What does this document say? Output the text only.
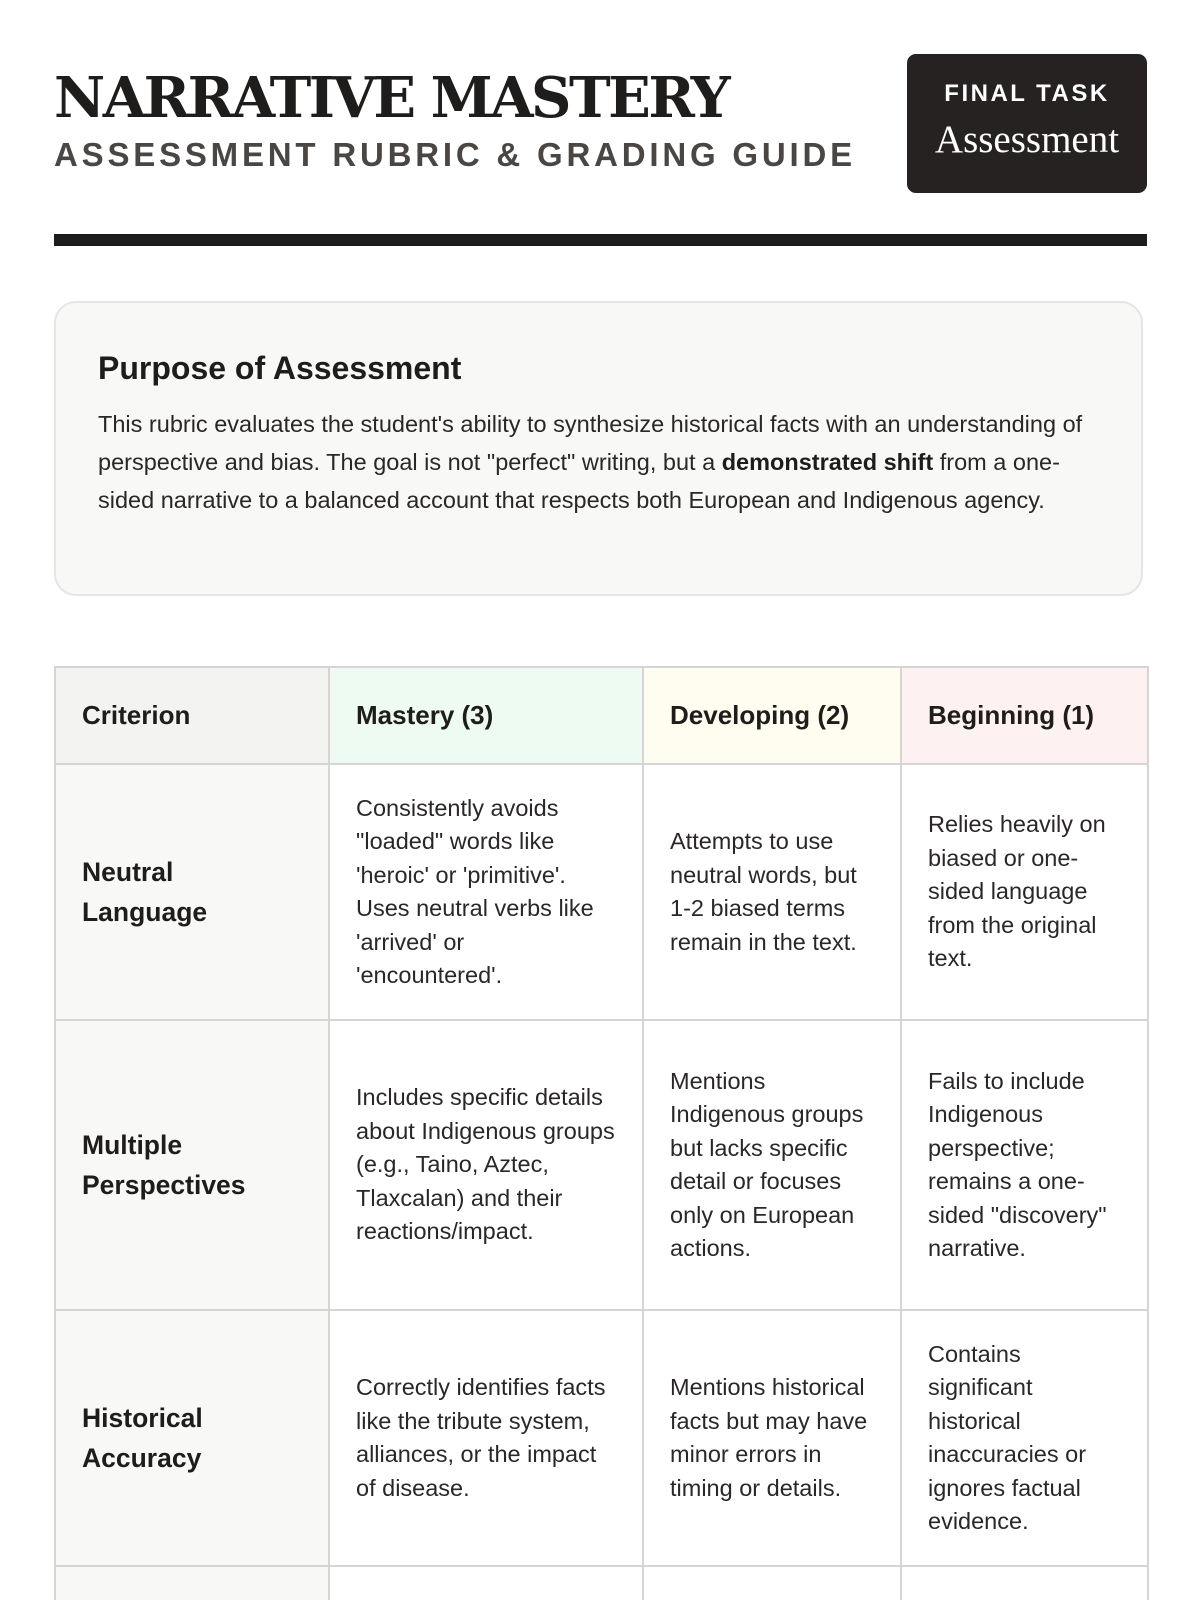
NARRATIVE MASTERY
ASSESSMENT RUBRIC & GRADING GUIDE
FINAL TASK
Assessment
Purpose of Assessment

This rubric evaluates the student's ability to synthesize historical facts with an understanding of perspective and bias. The goal is not "perfect" writing, but a demonstrated shift from a one-sided narrative to a balanced account that respects both European and Indigenous agency.

Criterion	Mastery (3)	Developing (2)	Beginning (1)
Neutral Language	Consistently avoids "loaded" words like 'heroic' or 'primitive'. Uses neutral verbs like 'arrived' or 'encountered'.	Attempts to use neutral words, but 1-2 biased terms remain in the text.	Relies heavily on biased or one-sided language from the original text.
Multiple Perspectives	Includes specific details about Indigenous groups (e.g., Taino, Aztec, Tlaxcalan) and their reactions/impact.	Mentions Indigenous groups but lacks specific detail or focuses only on European actions.	Fails to include Indigenous perspective; remains a one-sided "discovery" narrative.
Historical Accuracy	Correctly identifies facts like the tribute system, alliances, or the impact of disease.	Mentions historical facts but may have minor errors in timing or details.	Contains significant historical inaccuracies or ignores factual evidence.
